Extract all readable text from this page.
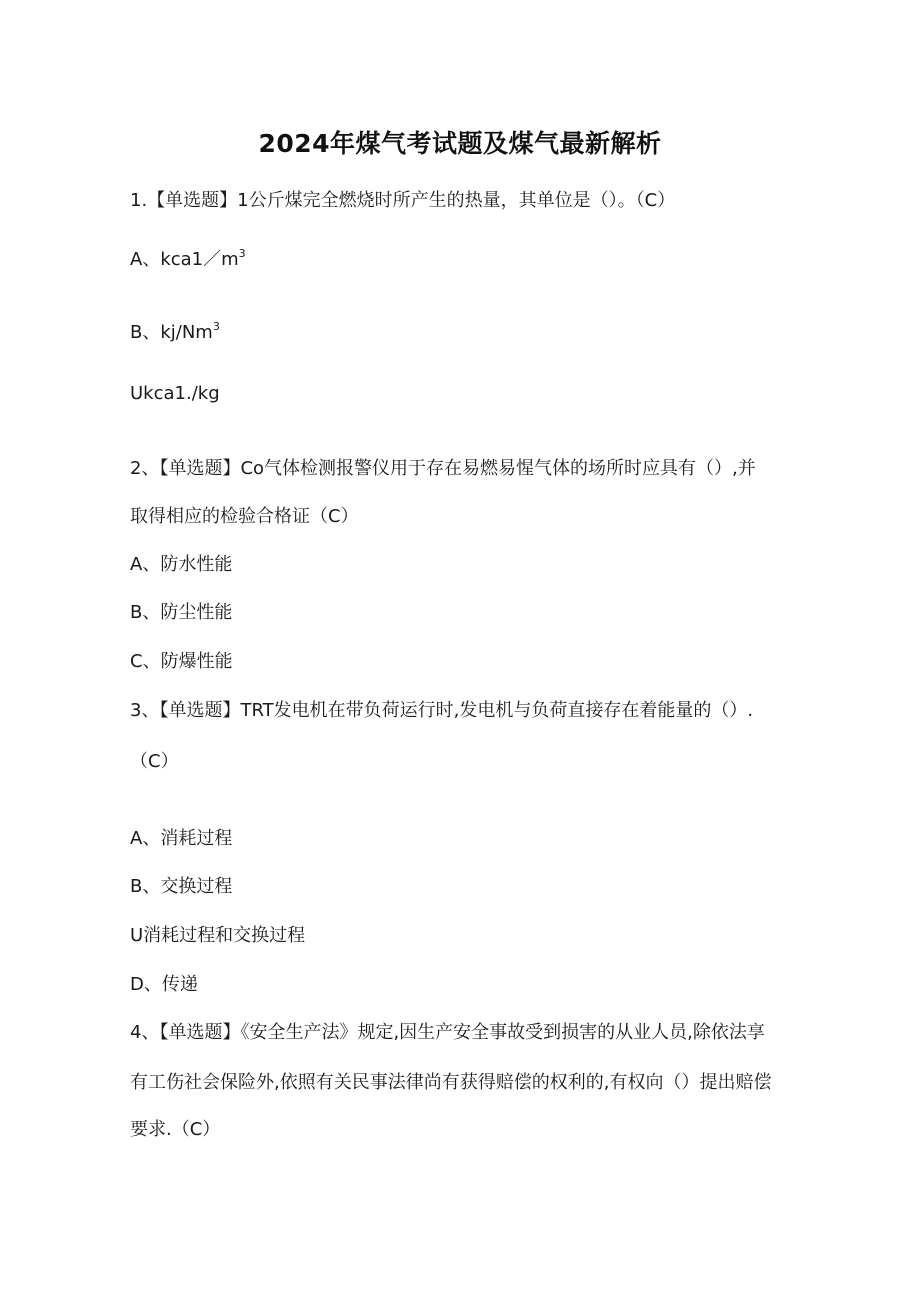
2024年煤气考试题及煤气最新解析
1.【单选题】1公斤煤完全燃烧时所产生的热量，其单位是（）。（C）
A、$kca1/m^3$
B、kj/Nm$^3$
Ukca1./kg
2、【单选题】Co气体检测报警仪用于存在易燃易惺气体的场所时应具有（）,并
取得相应的检验合格证（C）
A、防水性能
B、防尘性能
C、防爆性能
3、【单选题】TRT发电机在带负荷运行时,发电机与负荷直接存在着能量的（）.
（C）
A、消耗过程
B、交换过程
U消耗过程和交换过程
D、传递
4、【单选题】《安全生产法》规定,因生产安全事故受到损害的从业人员,除依法享
有工伤社会保险外,依照有关民事法律尚有获得赔偿的权利的,有权向（）提出赔偿
要求.（C）
